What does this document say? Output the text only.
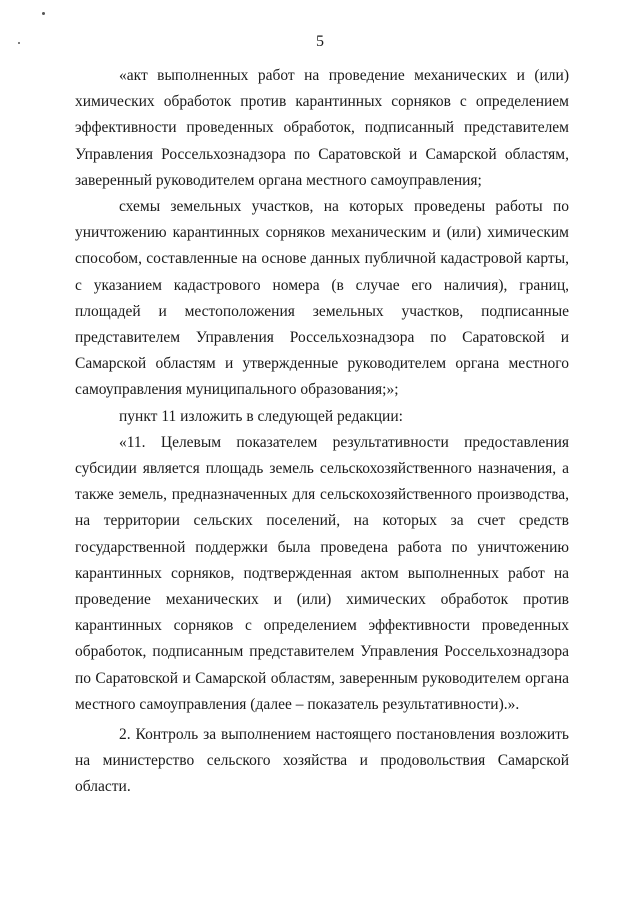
5

«акт выполненных работ на проведение механических и (или) химических обработок против карантинных сорняков с определением эффективности проведенных обработок, подписанный представителем Управления Россельхознадзора по Саратовской и Самарской областям, заверенный руководителем органа местного самоуправления;

схемы земельных участков, на которых проведены работы по уничтожению карантинных сорняков механическим и (или) химическим способом, составленные на основе данных публичной кадастровой карты, с указанием кадастрового номера (в случае его наличия), границ, площадей и местоположения земельных участков, подписанные представителем Управления Россельхознадзора по Саратовской и Самарской областям и утвержденные руководителем органа местного самоуправления муниципального образования;»;

пункт 11 изложить в следующей редакции:

«11. Целевым показателем результативности предоставления субсидии является площадь земель сельскохозяйственного назначения, а также земель, предназначенных для сельскохозяйственного производства, на территории сельских поселений, на которых за счет средств государственной поддержки была проведена работа по уничтожению карантинных сорняков, подтвержденная актом выполненных работ на проведение механических и (или) химических обработок против карантинных сорняков с определением эффективности проведенных обработок, подписанным представителем Управления Россельхознадзора по Саратовской и Самарской областям, заверенным руководителем органа местного самоуправления (далее – показатель результативности).».

2. Контроль за выполнением настоящего постановления возложить на министерство сельского хозяйства и продовольствия Самарской области.
